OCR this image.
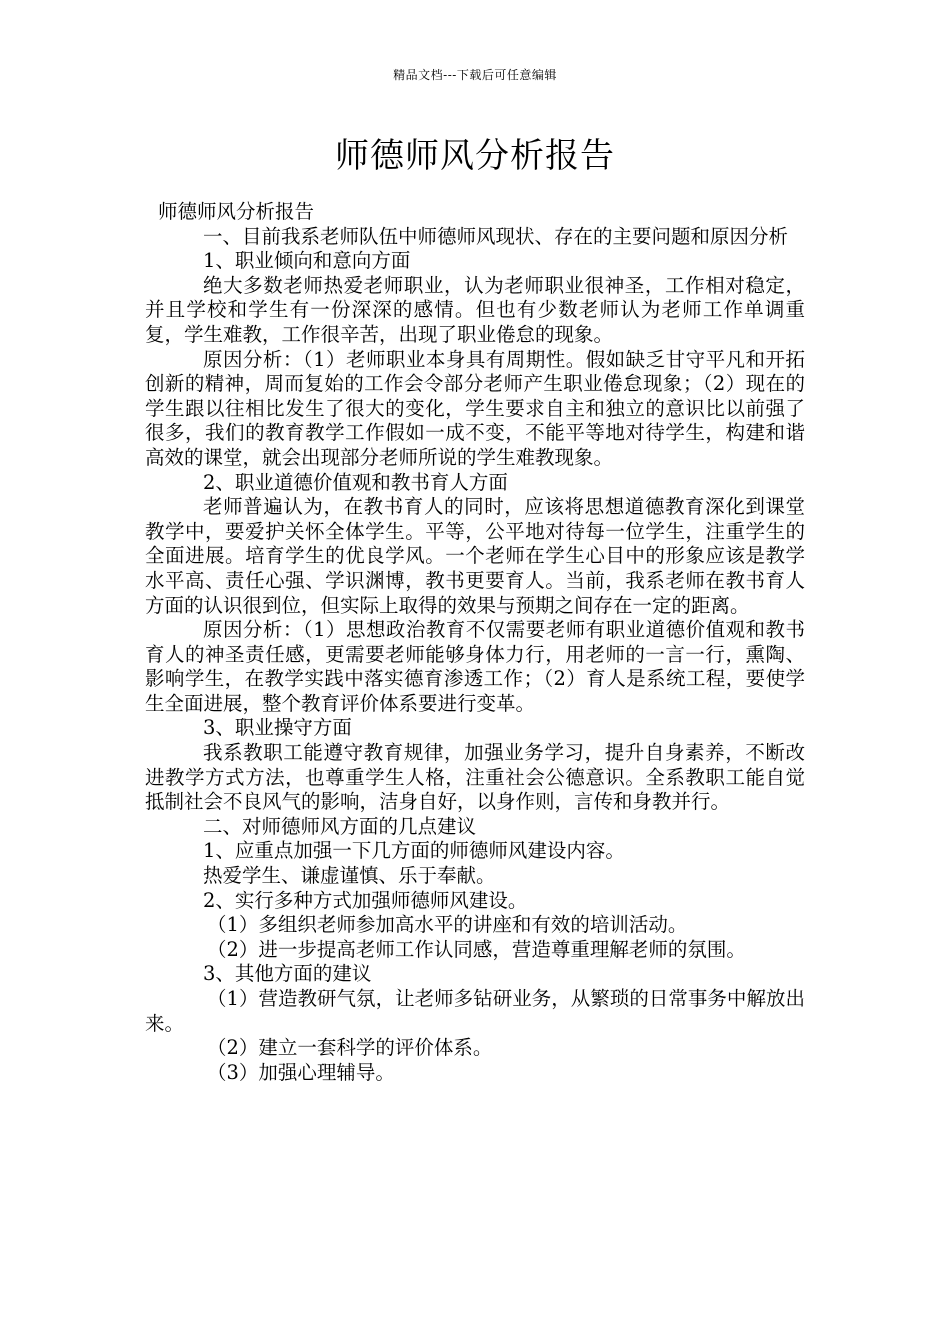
精品文档---下载后可任意编辑
师德师风分析报告

师德师风分析报告

一、目前我系老师队伍中师德师风现状、存在的主要问题和原因分析

1、职业倾向和意向方面

绝大多数老师热爱老师职业，认为老师职业很神圣，工作相对稳定，并且学校和学生有一份深深的感情。但也有少数老师认为老师工作单调重复，学生难教，工作很辛苦，出现了职业倦怠的现象。

原因分析：（1）老师职业本身具有周期性。假如缺乏甘守平凡和开拓创新的精神，周而复始的工作会令部分老师产生职业倦怠现象；（2）现在的学生跟以往相比发生了很大的变化，学生要求自主和独立的意识比以前强了很多，我们的教育教学工作假如一成不变，不能平等地对待学生，构建和谐高效的课堂，就会出现部分老师所说的学生难教现象。

2、职业道德价值观和教书育人方面

老师普遍认为，在教书育人的同时，应该将思想道德教育深化到课堂教学中，要爱护关怀全体学生。平等，公平地对待每一位学生，注重学生的全面进展。培育学生的优良学风。一个老师在学生心目中的形象应该是教学水平高、责任心强、学识渊博，教书更要育人。当前，我系老师在教书育人方面的认识很到位，但实际上取得的效果与预期之间存在一定的距离。

原因分析：（1）思想政治教育不仅需要老师有职业道德价值观和教书育人的神圣责任感，更需要老师能够身体力行，用老师的一言一行，熏陶、影响学生，在教学实践中落实德育渗透工作；（2）育人是系统工程，要使学生全面进展，整个教育评价体系要进行变革。

3、职业操守方面

我系教职工能遵守教育规律，加强业务学习，提升自身素养，不断改进教学方式方法，也尊重学生人格，注重社会公德意识。全系教职工能自觉抵制社会不良风气的影响，洁身自好，以身作则，言传和身教并行。

二、对师德师风方面的几点建议

1、应重点加强一下几方面的师德师风建设内容。

热爱学生、谦虚谨慎、乐于奉献。

2、实行多种方式加强师德师风建设。

（1）多组织老师参加高水平的讲座和有效的培训活动。

（2）进一步提高老师工作认同感，营造尊重理解老师的氛围。

3、其他方面的建议

（1）营造教研气氛，让老师多钻研业务，从繁琐的日常事务中解放出来。

（2）建立一套科学的评价体系。

（3）加强心理辅导。
